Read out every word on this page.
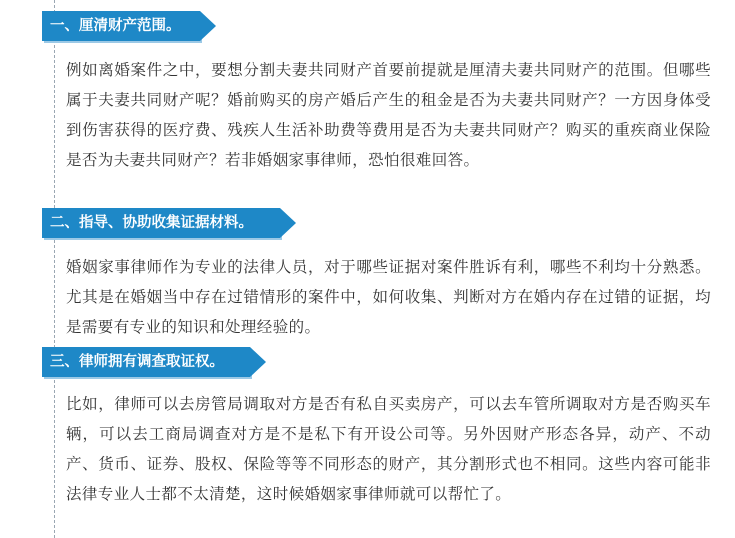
一、厘清财产范围。

例如离婚案件之中，要想分割夫妻共同财产首要前提就是厘清夫妻共同财产的范围。但哪些属于夫妻共同财产呢？婚前购买的房产婚后产生的租金是否为夫妻共同财产？一方因身体受到伤害获得的医疗费、残疾人生活补助费等费用是否为夫妻共同财产？购买的重疾商业保险是否为夫妻共同财产？若非婚姻家事律师，恐怕很难回答。

二、指导、协助收集证据材料。

婚姻家事律师作为专业的法律人员，对于哪些证据对案件胜诉有利，哪些不利均十分熟悉。尤其是在婚姻当中存在过错情形的案件中，如何收集、判断对方在婚内存在过错的证据，均是需要有专业的知识和处理经验的。

三、律师拥有调查取证权。

比如，律师可以去房管局调取对方是否有私自买卖房产，可以去车管所调取对方是否购买车辆，可以去工商局调查对方是不是私下有开设公司等。另外因财产形态各异，动产、不动产、货币、证券、股权、保险等等不同形态的财产，其分割形式也不相同。这些内容可能非法律专业人士都不太清楚，这时候婚姻家事律师就可以帮忙了。
